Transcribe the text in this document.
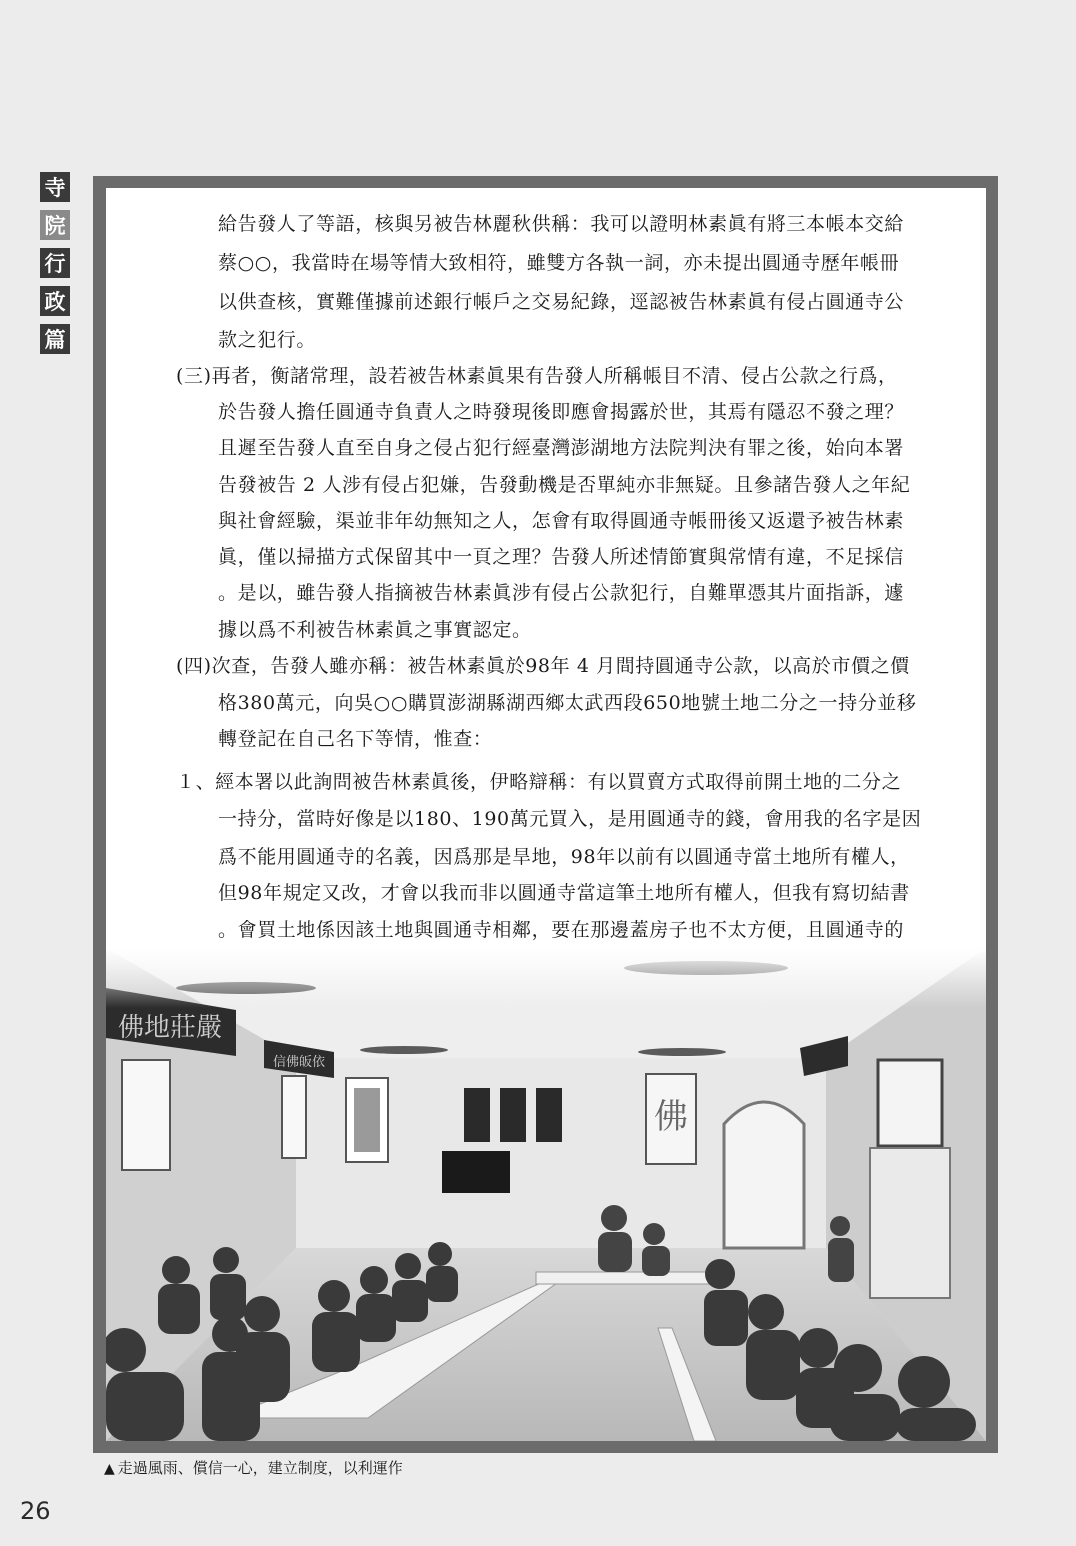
寺
院
行
政
篇
給告發人了等語，核與另被告林麗秋供稱：我可以證明林素眞有將三本帳本交給
蔡○○，我當時在場等情大致相符，雖雙方各執一詞，亦未提出圓通寺歷年帳冊
以供查核，實難僅據前述銀行帳戶之交易紀錄，逕認被告林素眞有侵占圓通寺公
款之犯行。
(三)再者，衡諸常理，設若被告林素眞果有告發人所稱帳目不清、侵占公款之行爲，
於告發人擔任圓通寺負責人之時發現後即應會揭露於世，其焉有隱忍不發之理？
且遲至告發人直至自身之侵占犯行經臺灣澎湖地方法院判決有罪之後，始向本署
告發被告 2 人涉有侵占犯嫌，告發動機是否單純亦非無疑。且參諸告發人之年紀
與社會經驗，渠並非年幼無知之人，怎會有取得圓通寺帳冊後又返還予被告林素
眞，僅以掃描方式保留其中一頁之理？告發人所述情節實與常情有違，不足採信
。是以，雖告發人指摘被告林素眞涉有侵占公款犯行，自難單憑其片面指訴，遽
據以爲不利被告林素眞之事實認定。
(四)次查，告發人雖亦稱：被告林素眞於98年 4 月間持圓通寺公款，以高於市價之價
格380萬元，向吳○○購買澎湖縣湖西鄉太武西段650地號土地二分之一持分並移
轉登記在自己名下等情，惟查：
１、經本署以此詢問被告林素眞後，伊略辯稱：有以買賣方式取得前開土地的二分之
一持分，當時好像是以180、190萬元買入，是用圓通寺的錢，會用我的名字是因
爲不能用圓通寺的名義，因爲那是旱地，98年以前有以圓通寺當土地所有權人，
但98年規定又改，才會以我而非以圓通寺當這筆土地所有權人，但我有寫切結書
。會買土地係因該土地與圓通寺相鄰，要在那邊蓋房子也不太方便，且圓通寺的
佛
佛地莊嚴
信佛皈依
▲ 走過風雨、償信一心，建立制度，以利運作
26
